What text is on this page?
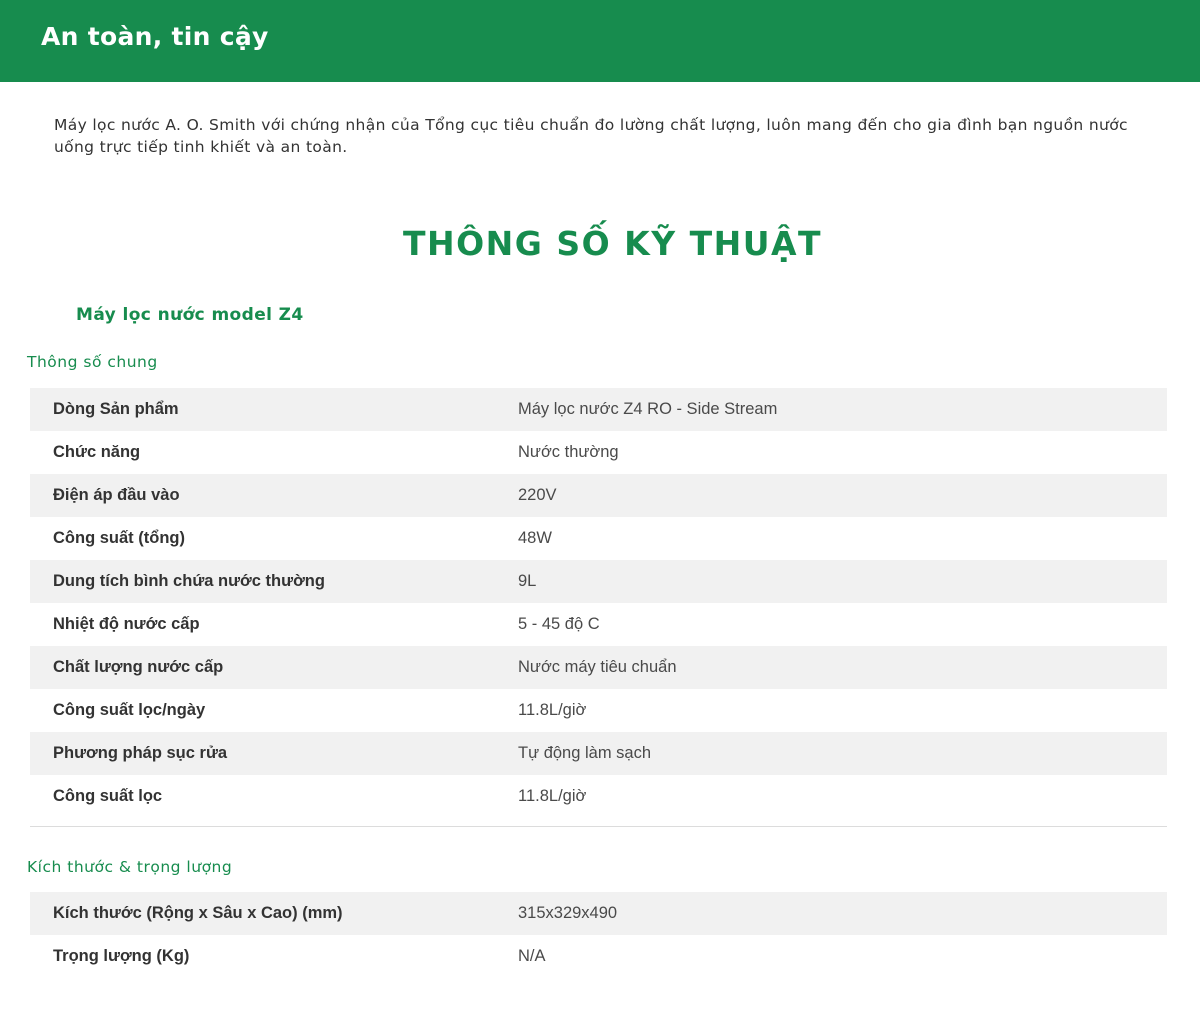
An toàn, tin cậy

Máy lọc nước A. O. Smith với chứng nhận của Tổng cục tiêu chuẩn đo lường chất lượng, luôn mang đến cho gia đình bạn nguồn nước uống trực tiếp tinh khiết và an toàn.

THÔNG SỐ KỸ THUẬT
Máy lọc nước model Z4
Thông số chung
Dòng Sản phẩm	Máy lọc nước Z4 RO - Side Stream
Chức năng	Nước thường
Điện áp đầu vào	220V
Công suất (tổng)	48W
Dung tích bình chứa nước thường	9L
Nhiệt độ nước cấp	5 - 45 độ C
Chất lượng nước cấp	Nước máy tiêu chuẩn
Công suất lọc/ngày	11.8L/giờ
Phương pháp sục rửa	Tự động làm sạch
Công suất lọc	11.8L/giờ
Kích thước & trọng lượng
Kích thước (Rộng x Sâu x Cao) (mm)	315x329x490
Trọng lượng (Kg)	N/A
